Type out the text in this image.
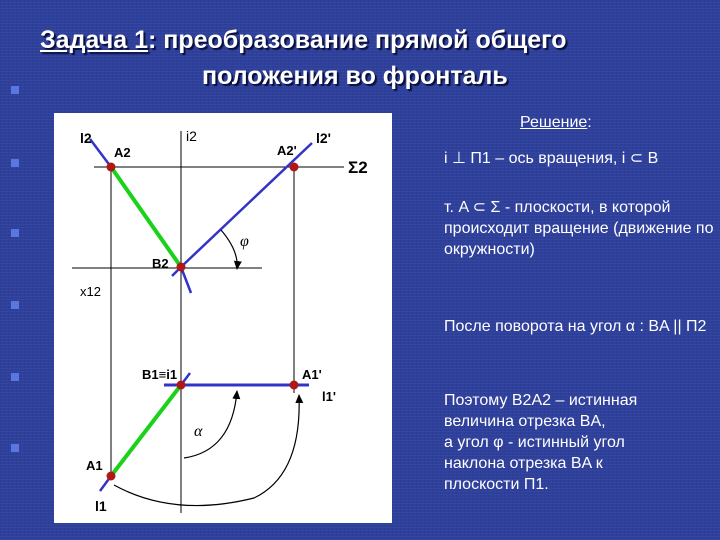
Задача 1: преобразование прямой общего
положения во фронталь
l2	i2
A2	A2'
l2'
Σ2
φ
B2
x12
B1≡i1	A1'
l1'
α
A1
l1
Решение:
i ⊥ П1 – ось вращения, i ⊂ B
т. A ⊂ Σ - плоскости, в которой происходит вращение (движение по окружности)
После поворота на угол α : BA || П2
Поэтому B2A2 – истинная
величина отрезка BA,
а угол φ - истинный угол
наклона отрезка BA к
плоскости П1.
